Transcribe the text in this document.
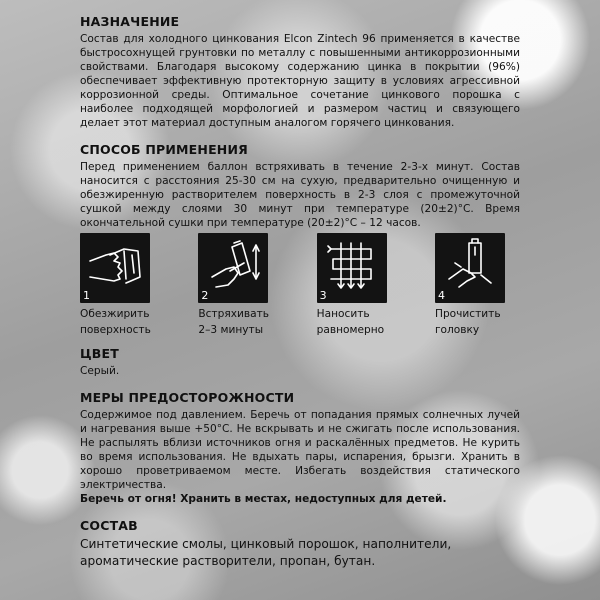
НАЗНАЧЕНИЕ

Состав для холодного цинкования Elcon Zintech 96 применяется в качестве быстросохнущей грунтовки по металлу с повышенными антикоррозионными свойствами. Благодаря высокому содержанию цинка в покрытии (96%) обеспечивает эффективную протекторную защиту в условиях агрессивной коррозионной среды. Оптимальное сочетание цинкового порошка с наиболее подходящей морфологией и размером частиц и связующего делает этот материал доступным аналогом горячего цинкования.

СПОСОБ ПРИМЕНЕНИЯ

Перед применением баллон встряхивать в течение 2-3-х минут. Состав наносится с расстояния 25-30 см на сухую, предварительно очищенную и обезжиренную растворителем поверхность в 2-3 слоя с промежуточной сушкой между слоями 30 минут при температуре (20±2)°С. Время окончательной сушки при температуре (20±2)°С – 12 часов.

1
Обезжирить
поверхность
2
Встряхивать
2–3 минуты
3
Наносить
равномерно
4
Прочистить
головку
ЦВЕТ

Серый.

МЕРЫ ПРЕДОСТОРОЖНОСТИ

Содержимое под давлением. Беречь от попадания прямых солнечных лучей и нагревания выше +50°С. Не вскрывать и не сжигать после использования. Не распылять вблизи источников огня и раскалённых предметов. Не курить во время использования. Не вдыхать пары, испарения, брызги. Хранить в хорошо проветриваемом месте. Избегать воздействия статического электричества.

Беречь от огня! Хранить в местах, недоступных для детей.

СОСТАВ

Синтетические смолы, цинковый порошок, наполнители, ароматические растворители, пропан, бутан.
